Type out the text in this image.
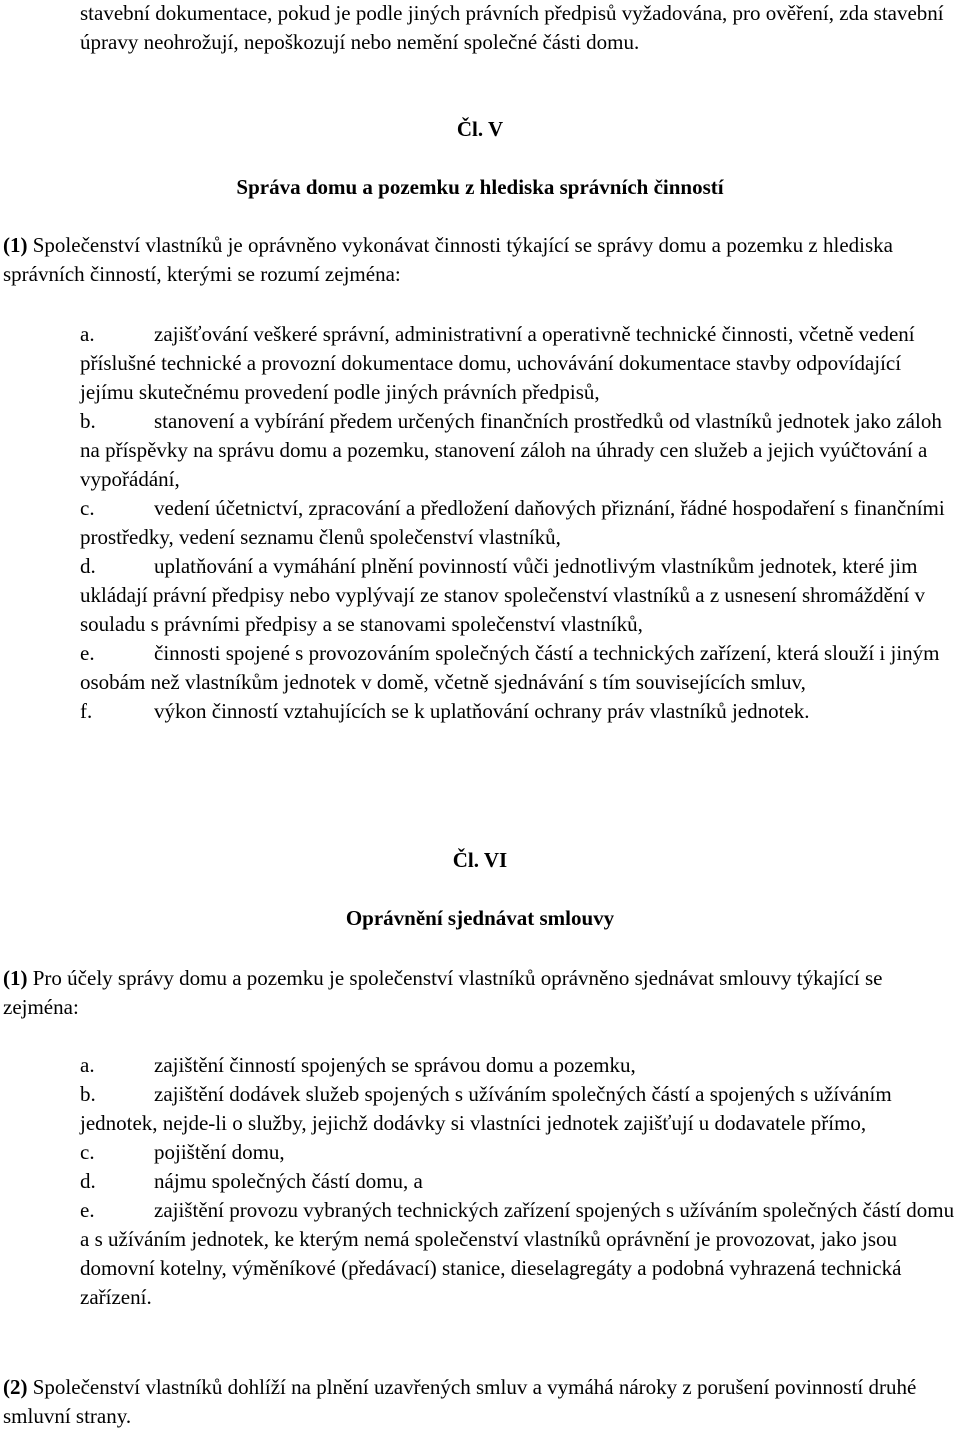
stavební dokumentace, pokud je podle jiných právních předpisů vyžadována, pro ověření, zda stavební úpravy neohrožují, nepoškozují nebo nemění společné části domu.

Čl. V
Správa domu a pozemku z hlediska správních činností

(1) Společenství vlastníků je oprávněno vykonávat činnosti týkající se správy domu a pozemku z hlediska správních činností, kterými se rozumí zejména:

a.	zajišťování veškeré správní, administrativní a operativně technické činnosti, včetně vedení příslušné technické a provozní dokumentace domu, uchovávání dokumentace stavby odpovídající jejímu skutečnému provedení podle jiných právních předpisů,
b.	stanovení a vybírání předem určených finančních prostředků od vlastníků jednotek jako záloh na příspěvky na správu domu a pozemku, stanovení záloh na úhrady cen služeb a jejich vyúčtování a vypořádání,
c.	vedení účetnictví, zpracování a předložení daňových přiznání, řádné hospodaření s finančními prostředky, vedení seznamu členů společenství vlastníků,
d.	uplatňování a vymáhání plnění povinností vůči jednotlivým vlastníkům jednotek, které jim ukládají právní předpisy nebo vyplývají ze stanov společenství vlastníků a z usnesení shromáždění v souladu s právními předpisy a se stanovami společenství vlastníků,
e.	činnosti spojené s provozováním společných částí a technických zařízení, která slouží i jiným osobám než vlastníkům jednotek v domě, včetně sjednávání s tím souvisejících smluv,
f.	výkon činností vztahujících se k uplatňování ochrany práv vlastníků jednotek.
Čl. VI
Oprávnění sjednávat smlouvy

(1) Pro účely správy domu a pozemku je společenství vlastníků oprávněno sjednávat smlouvy týkající se zejména:

a.	zajištění činností spojených se správou domu a pozemku,
b.	zajištění dodávek služeb spojených s užíváním společných částí a spojených s užíváním jednotek, nejde-li o služby, jejichž dodávky si vlastníci jednotek zajišťují u dodavatele přímo,
c.	pojištění domu,
d.	nájmu společných částí domu, a
e.	zajištění provozu vybraných technických zařízení spojených s užíváním společných částí domu a s užíváním jednotek, ke kterým nemá společenství vlastníků oprávnění je provozovat, jako jsou domovní kotelny, výměníkové (předávací) stanice, dieselagregáty a podobná vyhrazená technická zařízení.

(2) Společenství vlastníků dohlíží na plnění uzavřených smluv a vymáhá nároky z porušení povinností druhé smluvní strany.
